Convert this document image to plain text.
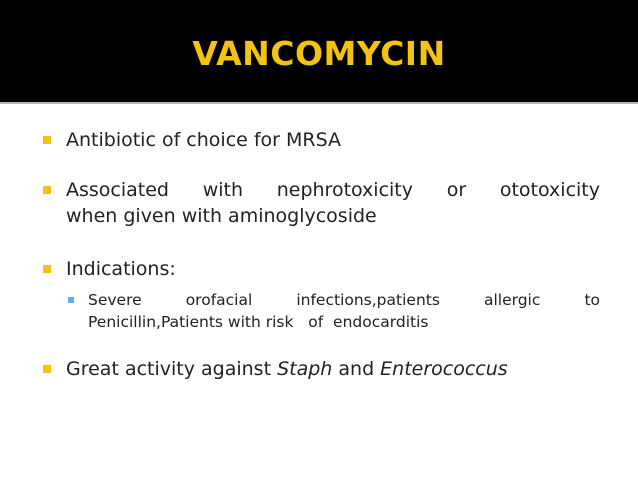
VANCOMYCIN
Antibiotic of choice for MRSA
Associated with nephrotoxicity or ototoxicity
when given with aminoglycoside
Indications:
Severe	orofacial	infections,patients	allergic	to
Penicillin,Patients with risk   of  endocarditis
Great activity against Staph and Enterococcus
